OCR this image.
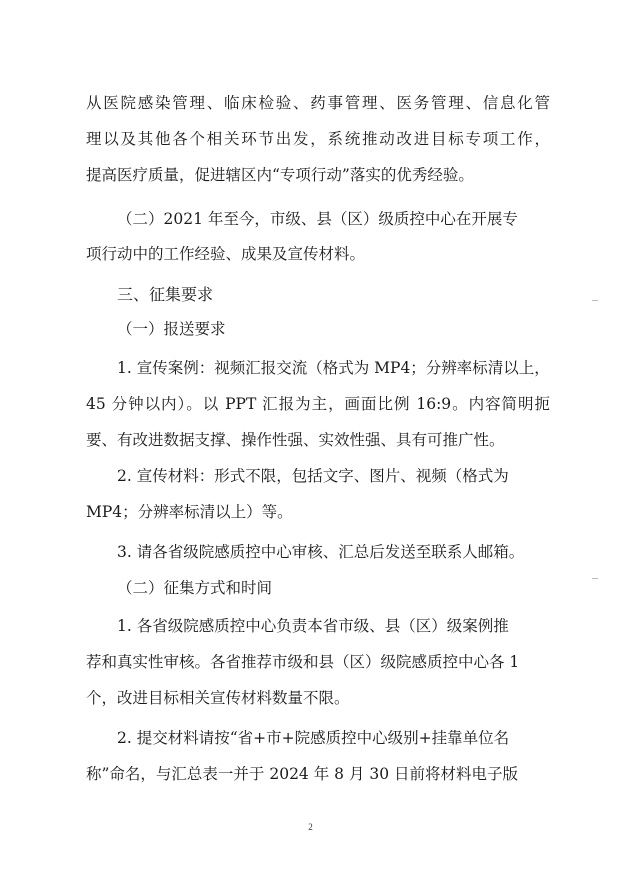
从医院感染管理、临床检验、药事管理、医务管理、信息化管
理以及其他各个相关环节出发，系统推动改进目标专项工作，
提高医疗质量，促进辖区内“专项行动”落实的优秀经验。
（二）2021 年至今，市级、县（区）级质控中心在开展专
项行动中的工作经验、成果及宣传材料。
三、征集要求
（一）报送要求
1. 宣传案例：视频汇报交流（格式为 MP4；分辨率标清以上，
45 分钟以内）。以 PPT 汇报为主，画面比例 16:9。内容简明扼
要、有改进数据支撑、操作性强、实效性强、具有可推广性。
2. 宣传材料：形式不限，包括文字、图片、视频（格式为
MP4；分辨率标清以上）等。
3. 请各省级院感质控中心审核、汇总后发送至联系人邮箱。
（二）征集方式和时间
1. 各省级院感质控中心负责本省市级、县（区）级案例推
荐和真实性审核。各省推荐市级和县（区）级院感质控中心各 1
个，改进目标相关宣传材料数量不限。
2. 提交材料请按“省+市+院感质控中心级别+挂靠单位名
称”命名，与汇总表一并于 2024 年 8 月 30 日前将材料电子版
2
